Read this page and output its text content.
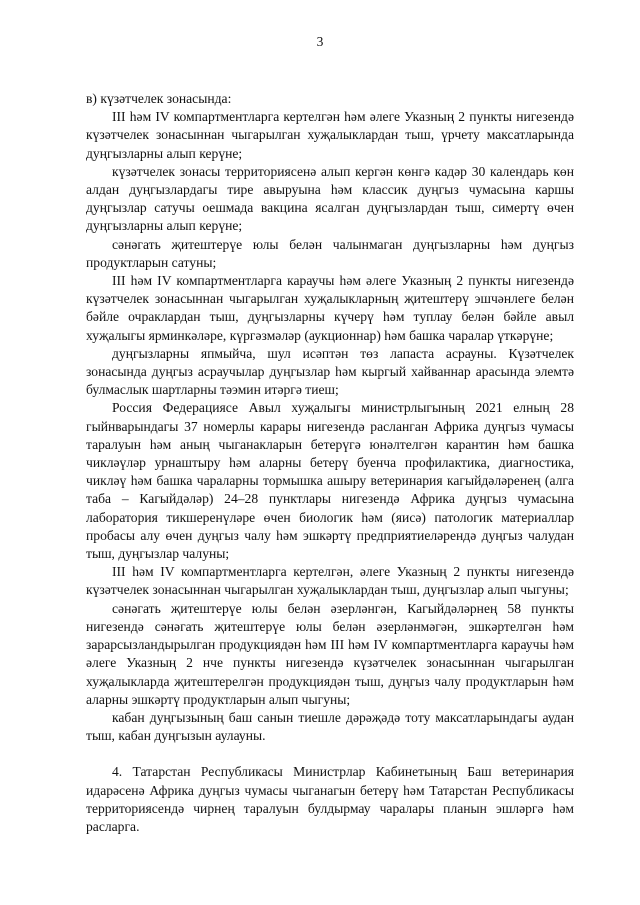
3

в) күзәтчелек зонасында:

III һәм IV компартментларга кертелгән һәм әлеге Указның 2 пункты нигезендә күзәтчелек зонасыннан чыгарылган хуҗалыклардан тыш, үрчету максатларында дуңгызларны алып керүне;

күзәтчелек зонасы территориясенә алып кергән көнгә кадәр 30 календарь көн алдан дуңгызлардагы тире авыруына һәм классик дуңгыз чумасына каршы дуңгызлар сатучы оешмада вакцина ясалган дуңгызлардан тыш, симертү өчен дуңгызларны алып керүне;

сәнәгать җитештерүе юлы белән чалынмаган дуңгызларны һәм дуңгыз продуктларын сатуны;

III һәм IV компартментларга караучы һәм әлеге Указның 2 пункты нигезендә күзәтчелек зонасыннан чыгарылган хуҗалыкларның җитештерү эшчәнлеге белән бәйле очраклардан тыш, дуңгызларны күчерү һәм туплау белән бәйле авыл хуҗалыгы ярминкәләре, күргәзмәләр (аукционнар) һәм башка чаралар үткәрүне;

дуңгызларны япмыйча, шул исәптән төз лапаста асрауны. Күзәтчелек зонасында дуңгыз асраучылар дуңгызлар һәм кыргый хайваннар арасында элемтә булмаслык шартларны тәэмин итәргә тиеш;

Россия Федерациясе Авыл хуҗалыгы министрлыгының 2021 елның 28 гыйнварындагы 37 номерлы карары нигезендә расланган Африка дуңгыз чумасы таралуын һәм аның чыганакларын бетерүгә юнәлтелгән карантин һәм башка чикләүләр урнаштыру һәм аларны бетерү буенча профилактика, диагностика, чикләү һәм башка чараларны тормышка ашыру ветеринария кагыйдәләренең (алга таба – Кагыйдәләр) 24–28 пунктлары нигезендә Африка дуңгыз чумасына лаборатория тикшеренүләре өчен биологик һәм (яисә) патологик материаллар пробасы алу өчен дуңгыз чалу һәм эшкәртү предприятиеләрендә дуңгыз чалудан тыш, дуңгызлар чалуны;

III һәм IV компартментларга кертелгән, әлеге Указның 2 пункты нигезендә күзәтчелек зонасыннан чыгарылган хуҗалыклардан тыш, дуңгызлар алып чыгуны;

сәнәгать җитештерүе юлы белән әзерләнгән, Кагыйдәләрнең 58 пункты нигезендә сәнәгать җитештерүе юлы белән әзерләнмәгән, эшкәртелгән һәм зарарсызландырылган продукциядән һәм III һәм IV компартментларга караучы һәм әлеге Указның 2 нче пункты нигезендә күзәтчелек зонасыннан чыгарылган хуҗалыкларда җитештерелгән продукциядән тыш, дуңгыз чалу продуктларын һәм аларны эшкәртү продуктларын алып чыгуны;

кабан дуңгызының баш санын тиешле дәрәҗәдә тоту максатларындагы аудан тыш, кабан дуңгызын аулауны.

4. Татарстан Республикасы Министрлар Кабинетының Баш ветеринария идарәсенә Африка дуңгыз чумасы чыганагын бетерү һәм Татарстан Республикасы территориясендә чирнең таралуын булдырмау чаралары планын эшләргә һәм расларга.
